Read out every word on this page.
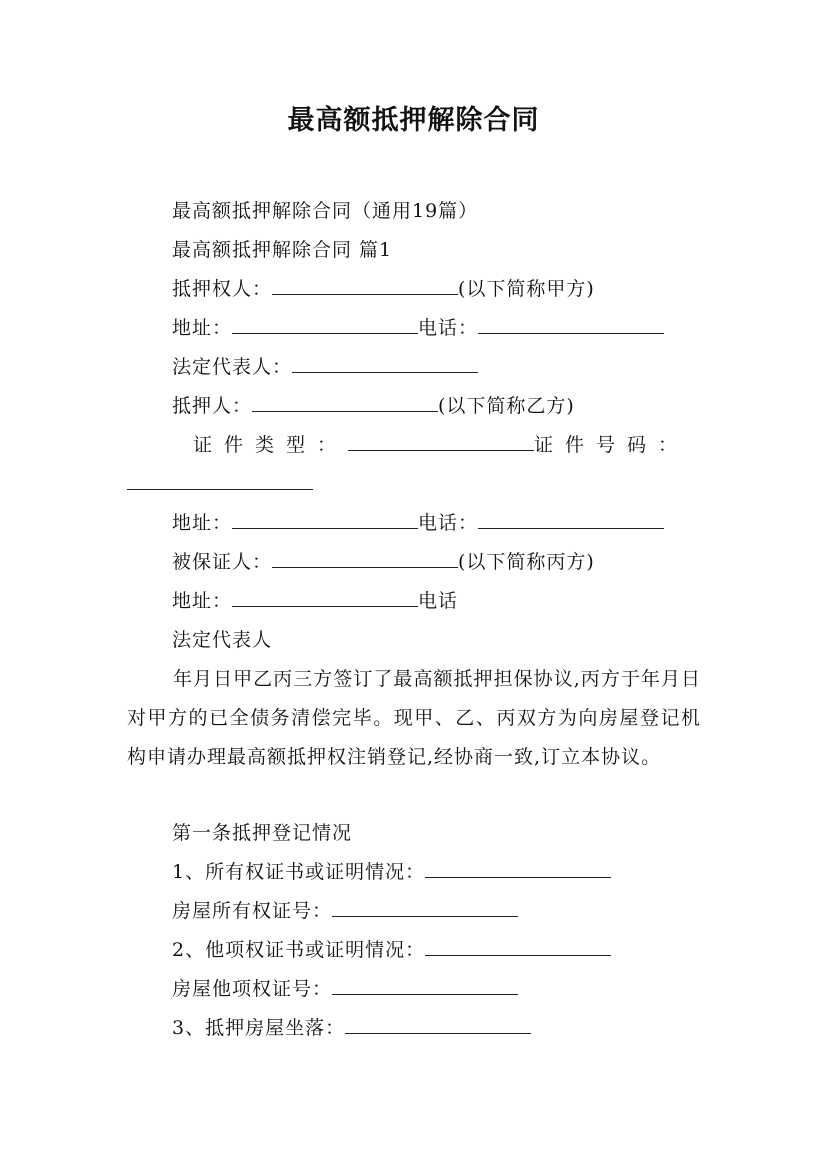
最高额抵押解除合同
最高额抵押解除合同（通用19篇）
最高额抵押解除合同 篇1
抵押权人：	(以下简称甲方)
地址：	电话：
法定代表人：
抵押人：	(以下简称乙方)
证件类型：	证件号码：
地址：	电话：
被保证人：	(以下简称丙方)
地址：	电话
法定代表人
年月日甲乙丙三方签订了最高额抵押担保协议,丙方于年月日对甲方的已全债务清偿完毕。现甲、乙、丙双方为向房屋登记机构申请办理最高额抵押权注销登记,经协商一致,订立本协议。
第一条抵押登记情况
1、所有权证书或证明情况：
房屋所有权证号：
2、他项权证书或证明情况：
房屋他项权证号：
3、抵押房屋坐落：
